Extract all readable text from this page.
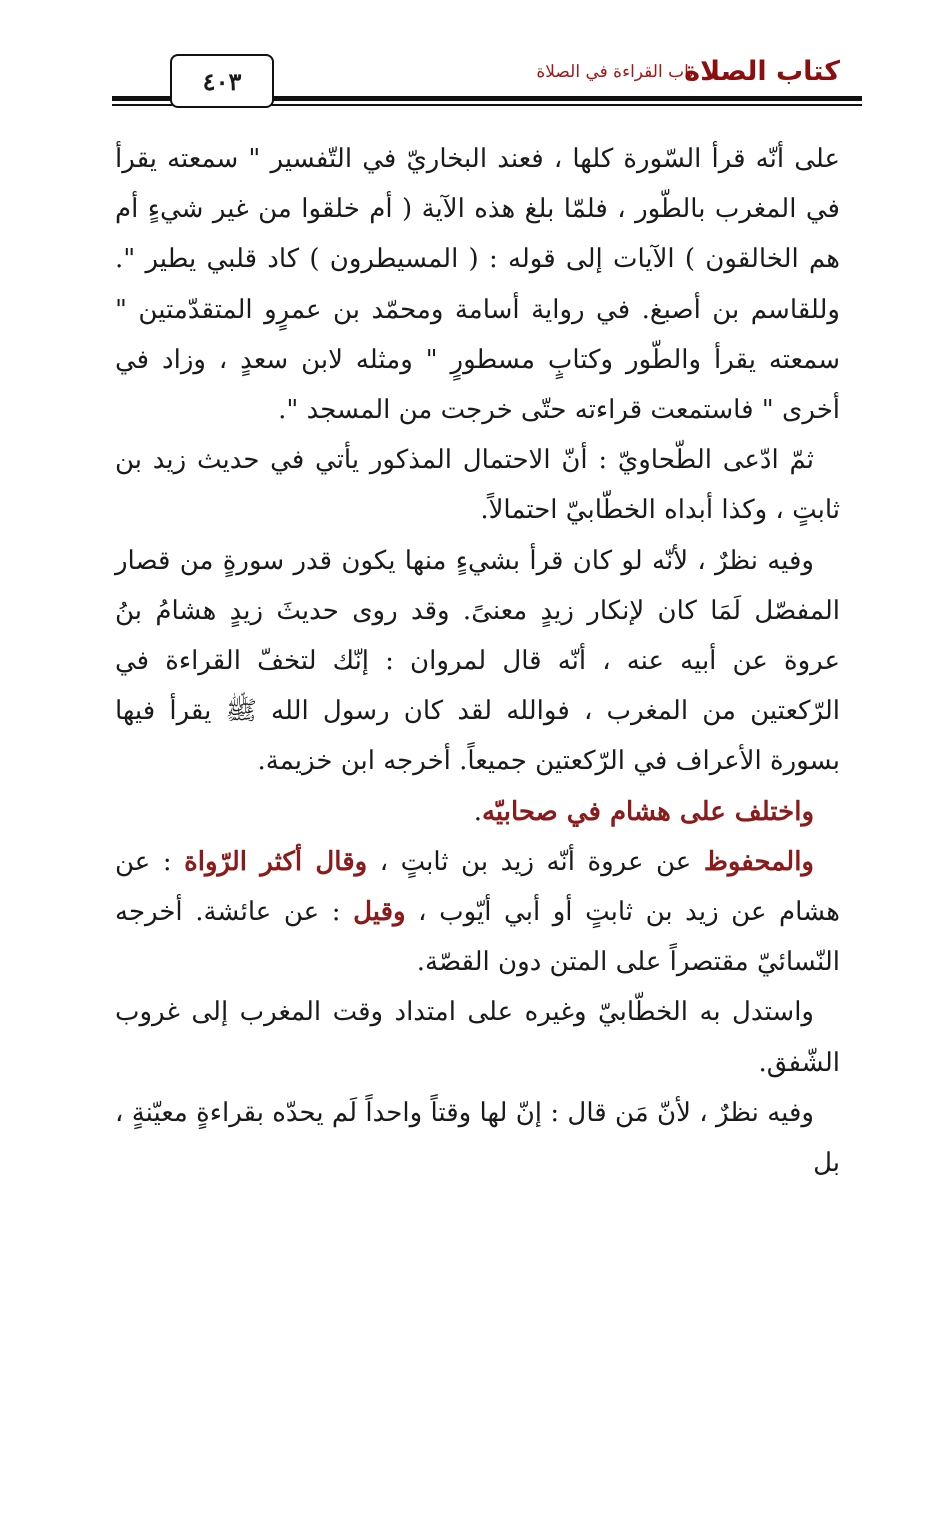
٤٠٣	باب القراءة في الصلاة
كتاب الصلاة

على أنّه قرأ السّورة كلها ، فعند البخاريّ في التّفسير " سمعته يقرأ في المغرب بالطّور ، فلمّا بلغ هذه الآية ( أم خلقوا من غير شيءٍ أم هم الخالقون ) الآيات إلى قوله : ( المسيطرون ) كاد قلبي يطير ". وللقاسم بن أصبغ. في رواية أسامة ومحمّد بن عمرٍو المتقدّمتين " سمعته يقرأ والطّور وكتابٍ مسطورٍ " ومثله لابن سعدٍ ، وزاد في أخرى " فاستمعت قراءته حتّى خرجت من المسجد ".

ثمّ ادّعى الطّحاويّ : أنّ الاحتمال المذكور يأتي في حديث زيد بن ثابتٍ ، وكذا أبداه الخطّابيّ احتمالاً.

وفيه نظرٌ ، لأنّه لو كان قرأ بشيءٍ منها يكون قدر سورةٍ من قصار المفصّل لَمَا كان لإنكار زيدٍ معنىً. وقد روى حديثَ زيدٍ هشامُ بنُ عروة عن أبيه عنه ، أنّه قال لمروان : إنّك لتخفّ القراءة في الرّكعتين من المغرب ، فوالله لقد كان رسول الله ﷺ يقرأ فيها بسورة الأعراف في الرّكعتين جميعاً. أخرجه ابن خزيمة.

واختلف على هشام في صحابيّه.

والمحفوظ عن عروة أنّه زيد بن ثابتٍ ، وقال أكثر الرّواة : عن هشام عن زيد بن ثابتٍ أو أبي أيّوب ، وقيل : عن عائشة. أخرجه النّسائيّ مقتصراً على المتن دون القصّة.

واستدل به الخطّابيّ وغيره على امتداد وقت المغرب إلى غروب الشّفق.

وفيه نظرٌ ، لأنّ مَن قال : إنّ لها وقتاً واحداً لَم يحدّه بقراءةٍ معيّنةٍ ، بل
